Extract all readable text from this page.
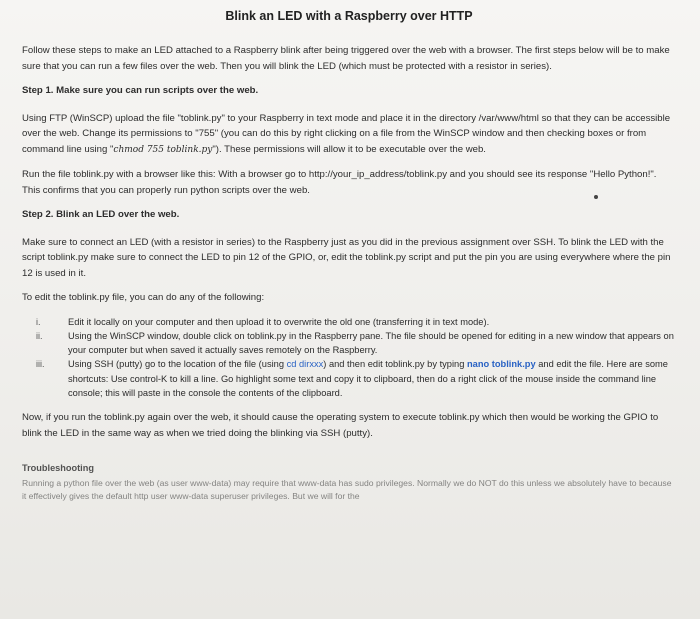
Blink an LED with a Raspberry over HTTP

Follow these steps to make an LED attached to a Raspberry blink after being triggered over the web with a browser. The first steps below will be to make sure that you can run a few files over the web. Then you will blink the LED (which must be protected with a resistor in series).

Step 1. Make sure you can run scripts over the web.

Using FTP (WinSCP) upload the file "toblink.py" to your Raspberry in text mode and place it in the directory /var/www/html so that they can be accessible over the web. Change its permissions to "755" (you can do this by right clicking on a file from the WinSCP window and then checking boxes or from command line using "chmod 755 toblink.py"). These permissions will allow it to be executable over the web.

Run the file toblink.py with a browser like this: With a browser go to http://your_ip_address/toblink.py and you should see its response "Hello Python!". This confirms that you can properly run python scripts over the web.

Step 2. Blink an LED over the web.

Make sure to connect an LED (with a resistor in series) to the Raspberry just as you did in the previous assignment over SSH. To blink the LED with the script toblink.py make sure to connect the LED to pin 12 of the GPIO, or, edit the toblink.py script and put the pin you are using everywhere where the pin 12 is used in it.

To edit the toblink.py file, you can do any of the following:

i.	Edit it locally on your computer and then upload it to overwrite the old one (transferring it in text mode).
ii.	Using the WinSCP window, double click on toblink.py in the Raspberry pane. The file should be opened for editing in a new window that appears on your computer but when saved it actually saves remotely on the Raspberry.
iii.	Using SSH (putty) go to the location of the file (using cd dirxxx) and then edit toblink.py by typing nano toblink.py and edit the file. Here are some shortcuts: Use control-K to kill a line. Go highlight some text and copy it to clipboard, then do a right click of the mouse inside the command line console; this will paste in the console the contents of the clipboard.

Now, if you run the toblink.py again over the web, it should cause the operating system to execute toblink.py which then would be working the GPIO to blink the LED in the same way as when we tried doing the blinking via SSH (putty).

Troubleshooting

Running a python file over the web (as user www-data) may require that www-data has sudo privileges. Normally we do NOT do this unless we absolutely have to because it effectively gives the default http user www-data superuser privileges. But we will for the
